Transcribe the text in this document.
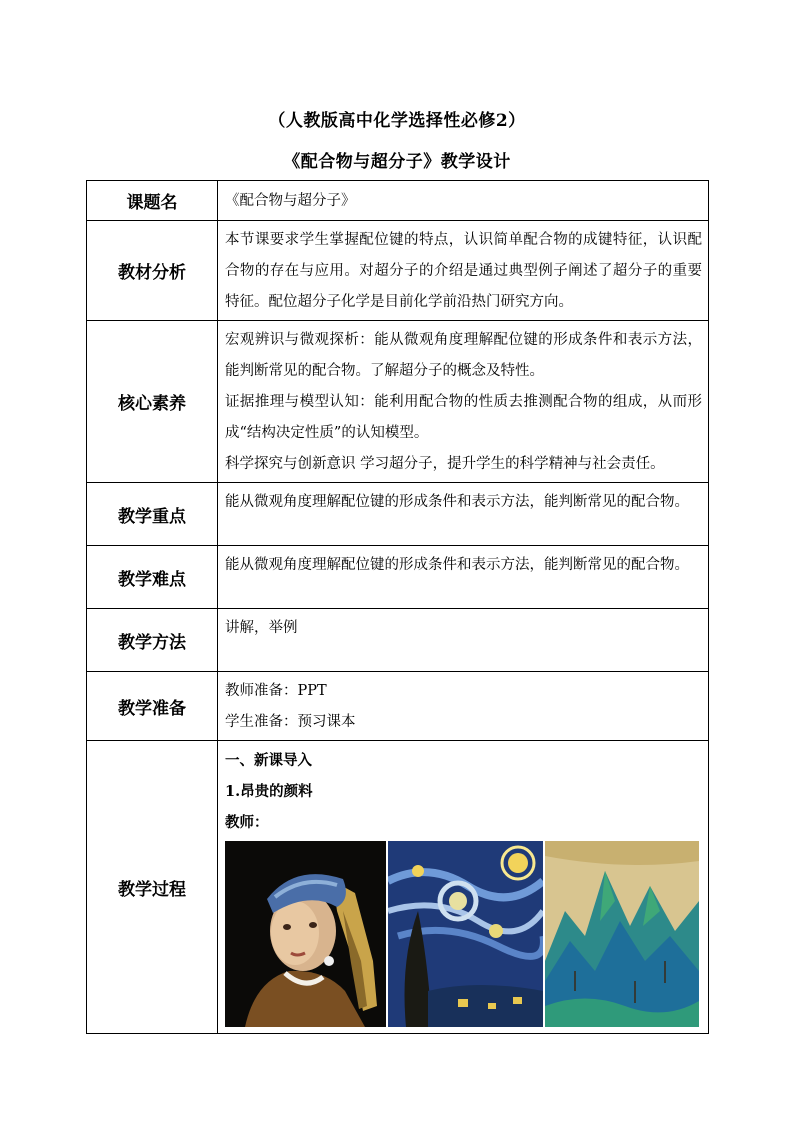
（人教版高中化学选择性必修2）
《配合物与超分子》教学设计
课题名	《配合物与超分子》

教材分析	本节课要求学生掌握配位键的特点，认识简单配合物的成键特征，认识配合物的存在与应用。对超分子的介绍是通过典型例子阐述了超分子的重要特征。配位超分子化学是目前化学前沿热门研究方向。

核心素养	宏观辨识与微观探析：能从微观角度理解配位键的形成条件和表示方法，能判断常见的配合物。了解超分子的概念及特性。

证据推理与模型认知：能利用配合物的性质去推测配合物的组成，从而形成“结构决定性质”的认知模型。

科学探究与创新意识 学习超分子，提升学生的科学精神与社会责任。

教学重点	能从微观角度理解配位键的形成条件和表示方法，能判断常见的配合物。

教学难点	能从微观角度理解配位键的形成条件和表示方法，能判断常见的配合物。

教学方法	讲解，举例

教学准备	教师准备：PPT

学生准备：预习课本

教学过程	一、新课导入

1.昂贵的颜料

教师：
